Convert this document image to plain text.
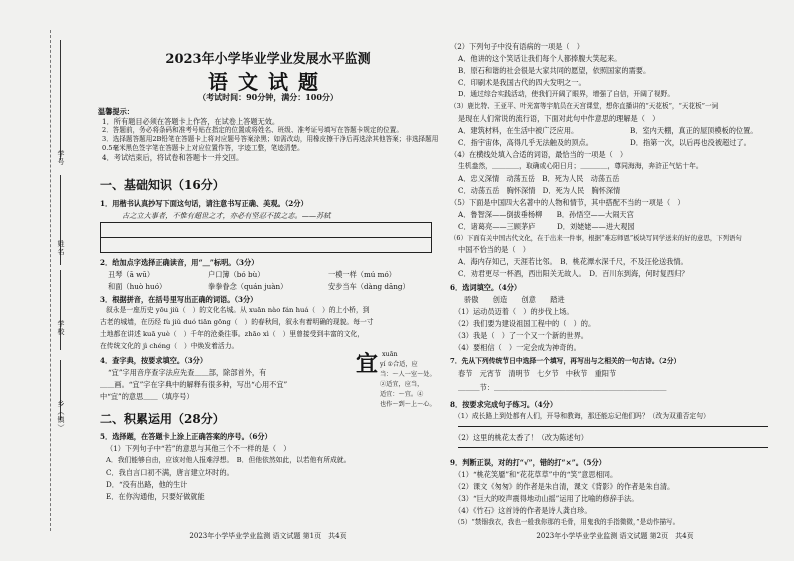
学号
姓名
学校
乡（镇）
2023年小学毕业学业发展水平监测
语文试题
（考试时间：90分钟，满分：100分）
温馨提示：
1．所有题目必须在答题卡上作答，在试卷上答题无效。
2．答题前，务必将条码和准考号贴在指定的位置或将姓名、班级、准考证号填写在答题卡规定的位置。
3．选择题答题用2B铅笔在答题卡上将对应题号答案涂黑；如需改动，用橡皮擦干净后再选涂其他答案；非选择题用
0.5毫米黑色签字笔在答题卡上对应位置作答，字迹工整，笔迹清楚。
4．考试结束后，将试卷和答题卡一并交回。
一、基础知识（16分）
1．用楷书认真抄写下面这句话，请注意书写正确、美观。（2分）
古之立大事者，不惟有超世之才，亦必有坚忍不拔之志。——苏轼
2．给加点字选择正确读音，用“＿”标明。（3分）
丑琴（ā wū）	户口簿（bó bù）	一模一样（mú mó）
和面（huò huó）	拳拳眷念（quán juàn）	安步当车（dàng dāng）
3．根据拼音，在括号里写出正确的词语。（3分）
叙永是一座历史 yōu jiǔ（　）的文化名城。从 xuān nào fán huá（　）的上小桥，到
古老的城墙，在历经 fù jiǔ duó tiān gōng（　）的春秋间，叙永有着明确的现貌。每一寸
土地都在讲述 kuā yuè（　）千年的沧桑往事。zhāo xì（　）里曾接受到丰富的文化，
在传统文化的 jì chéng（　）中焕发着活力。
4．查字典，按要求填空。（3分）
“宜”字用音序查字法应先查＿＿部，除部首外，有
＿＿画。“宜”字在字典中的解释有很多种，写出“心用不宜”
中“宜”的意思＿＿（填序号）
宜 xuān
yí ①合适，应
当：～人一室～处。
②适宜，应当，
适宜：～宜。④
也作～到～上～心。
二、积累运用（28分）
5．选择题，在答题卡上涂上正确答案的序号。（6分）
（1）下列句子中“若”的意思与其他三个不一样的是（　）
A．我们能够自由，应该对他人报难浮想。　B．但他依然如此，以若他有所成就。
C．我自言口初不满，唐言建立坏时的。
D．“没有出路，他的生计
E．在你沟通他，只要好做就能
2023年小学毕业学业监测 语文试题 第1页　共4页
（2）下列句子中没有语病的一项是（　）
A．他讲的这个笑话让我们每个人都捧腹大笑起来。
B．原石和谐的社会很是大家共同的愿望，依照国家的需要。
C．印刷术是我国古代的四大发明之一。
D．通过综合实践活动，使我们开阔了眼界，增强了自信，开阔了视野。
（3）鹿比特、王亚平、叶光富等宇航员在天宫课堂，想你直播讲的“天花板”，“天花板”一词
是现在人们常说的流行语，下面对此句中作意思的理解是（　）
A．建筑材料，在生活中被广泛应用。	B．室内天棚，真正的屋顶模板的位置。
C．指宇宙体，高得几乎无法触及的顶点。	D．指第一次，以后再也没被超过了。
（4）在横线处填入合适的词语，最恰当的一项是（　）
生机盎然，＿＿＿＿，取确或心阳日月；＿＿＿＿，尊同海海，奔浒正气钻十年。
A．忠义深情　动荡五岳　B．死为人民　动荡五岳
C．动荡五岳　胸怀深情　D．死为人民　胸怀深情
（5）下面是中国四大名著中的人物和情节，其中搭配不当的一项是（　）
A．鲁智深——倒拔垂杨柳　　B．孙悟空——大闹天宫
C．诸葛亮——三顾茅庐　　　D．刘姥姥——进大观园
（6）下面有关中国古代文化，在于出来一件事，根据“难忘师恩”板块写同学送来的好的意思，下列语句
中国不恰当的是（　）
A．海内存知己，天涯若比邻。　B．桃花潭水深千尺，不及汪伦送我情。
C．劝君更尽一杯酒，西出阳关无故人。　D．百川东到海，何时复西归？
6．选词填空。（4分）
骄傲　　创造　　创意　　踏进
（1）运动员迈着（　）的步伐上场。
（2）我们要为建设祖国工程中的（　）的。
（3）我是（　）了一个又一个新的世界。
（4）要相信（　）一定会成为神奇的。
7．先从下列传统节日中选择一个填写，再写出与之相关的一句古诗。（2分）
春节　元宵节　清明节　七夕节　中秋节　重阳节
＿＿＿节：＿＿＿＿＿＿＿＿＿＿＿＿＿＿＿＿＿＿＿＿＿＿＿＿
8．按要求完成句子练习。（4分）
（1）成长路上到处都有人们，开导和教诲，那还能忘记他们吗？（改为双重否定句）
（2）这里的桃花太香了！（改为陈述句）
9．判断正误，对的打“√”，错的打“×”。（5分）
（1）“桃花笑靥”和“花花草草”中的“笑”意思相同。
（2）课文《匆匆》的作者是朱自清，课文《背影》的作者是朱自清。
（3）“巨大的咬声震得地动山摇”运用了比喻的修辞手法。
（4）《竹石》这首诗的作者是诗人龚自珍。
（5）“禁锢我衣，我也一般我你那的毛骨，用鬼我的手指微微，”是动作描写。
2023年小学毕业学业监测 语文试题 第2页　共4页
